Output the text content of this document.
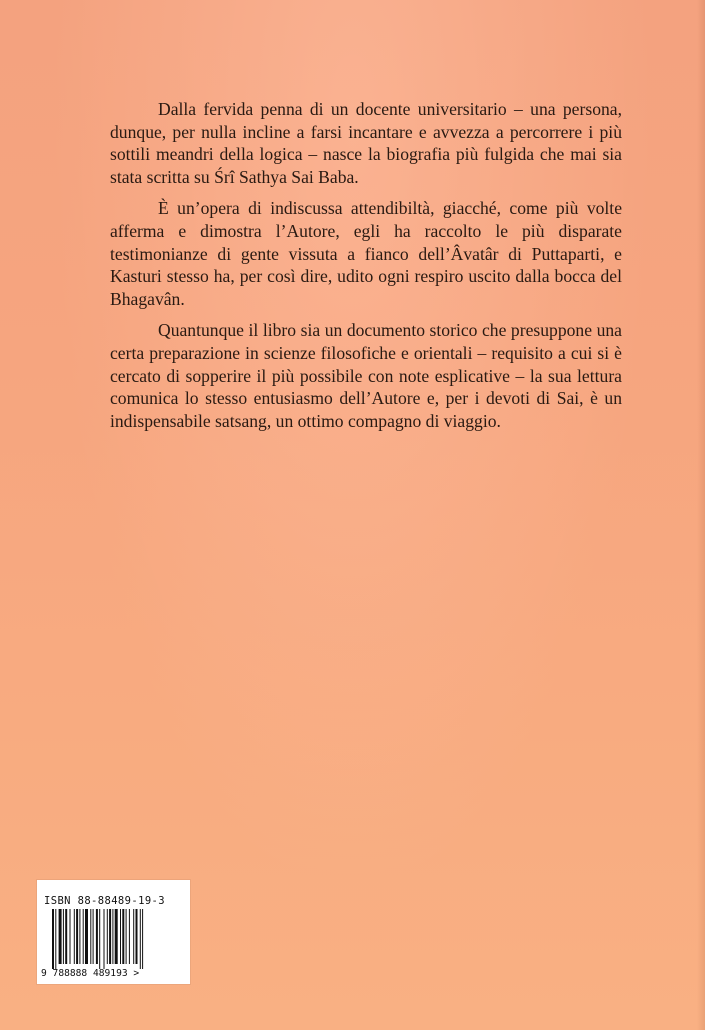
Dalla fervida penna di un docente universitario – una persona, dunque, per nulla incline a farsi incantare e avvezza a percorrere i più sottili meandri della logica – nasce la biografia più fulgida che mai sia stata scritta su Śrî Sathya Sai Baba.

È un’opera di indiscussa attendibiltà, giacché, come più volte afferma e dimostra l’Autore, egli ha raccolto le più disparate testimonianze di gente vissuta a fianco dell’Âvatâr di Puttaparti, e Kasturi stesso ha, per così dire, udito ogni respiro uscito dalla bocca del Bhagavân.

Quantunque il libro sia un documento storico che presuppone una certa preparazione in scienze filosofiche e orientali – requisito a cui si è cercato di sopperire il più possibile con note esplicative – la sua lettura comunica lo stesso entusiasmo dell’Autore e, per i devoti di Sai, è un indispensabile satsang, un ottimo compagno di viaggio.

ISBN 88-88489-19-3
9 788888 489193 >
